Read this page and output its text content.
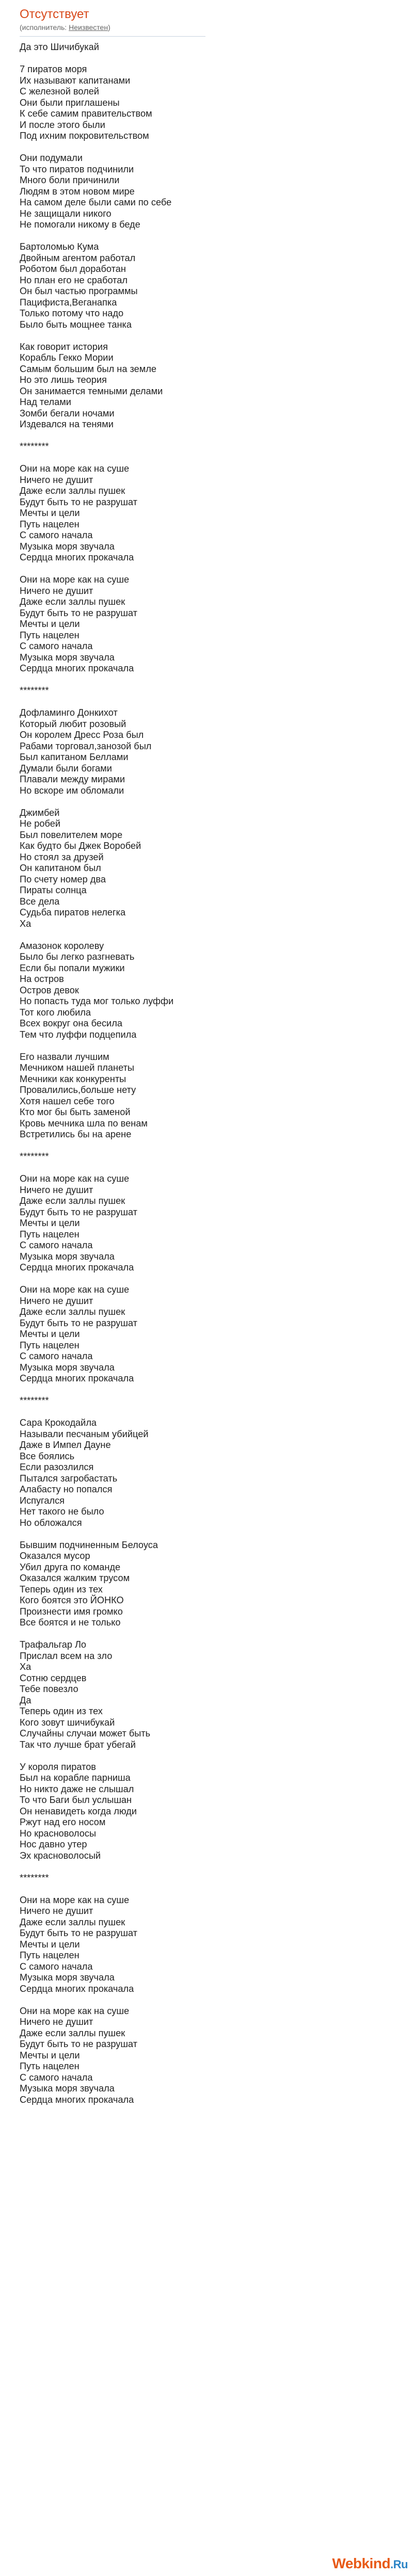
Отсутствует
(исполнитель: Неизвестен)
Да это Шичибукай

7 пиратов моря
Их называют капитанами
С железной волей
Они были приглашены
К себе самим правительством
И после этого были
Под ихним покровительством

Они подумали
То что пиратов подчинили
Много боли причинили
Людям в этом новом мире
На самом деле были сами по себе
Не защищали никого
Не помогали никому в беде

Бартоломью Кума
Двойным агентом работал
Роботом был доработан
Но план его не сработал
Он был частью программы
Пацифиста,Веганапка
Только потому что надо
Было быть мощнее танка

Как говорит история
Корабль Гекко Мории
Самым большим был на земле
Но это лишь теория
Он занимается темными делами
Над телами
Зомби бегали ночами
Издевался на тенями

********

Они на море как на суше
Ничего не душит
Даже если заллы пушек
Будут быть то не разрушат
Мечты и цели
Путь нацелен
С самого начала
Музыка моря звучала
Сердца многих прокачала

Они на море как на суше
Ничего не душит
Даже если заллы пушек
Будут быть то не разрушат
Мечты и цели
Путь нацелен
С самого начала
Музыка моря звучала
Сердца многих прокачала

********

Дофламинго Донкихот
Который любит розовый
Он королем Дресс Роза был
Рабами торговал,занозой был
Был капитаном Беллами
Думали были богами
Плавали между мирами
Но вскоре им обломали

Джимбей
Не робей
Был повелителем море
Как будто бы Джек Воробей
Но стоял за друзей
Он капитаном был
По счету номер два
Пираты солнца
Все дела
Судьба пиратов нелегка
Ха

Амазонок королеву
Было бы легко разгневать
Если бы попали мужики
На остров
Остров девок
Но попасть туда мог только луффи
Тот кого любила
Всех вокруг она бесила
Тем что луффи подцепила

Его назвали лучшим
Мечником нашей планеты
Мечники как конкуренты
Провалились,больше нету
Хотя нашел себе того
Кто мог бы быть заменой
Кровь мечника шла по венам
Встретились бы на арене

********

Они на море как на суше
Ничего не душит
Даже если заллы пушек
Будут быть то не разрушат
Мечты и цели
Путь нацелен
С самого начала
Музыка моря звучала
Сердца многих прокачала

Они на море как на суше
Ничего не душит
Даже если заллы пушек
Будут быть то не разрушат
Мечты и цели
Путь нацелен
С самого начала
Музыка моря звучала
Сердца многих прокачала

********

Сара Крокодайла
Называли песчаным убийцей
Даже в Импел Дауне
Все боялись
Если разозлился
Пытался загробастать
Алабасту но попался
Испугался
Нет такого не было
Но обложался

Бывшим подчиненным Белоуса
Оказался мусор
Убил друга по команде
Оказался жалким трусом
Теперь один из тех
Кого боятся это ЙОНКО
Произнести имя громко
Все боятся и не только

Трафальгар Ло
Прислал всем на зло
Ха
Сотню сердцев
Тебе повезло
Да
Теперь один из тех
Кого зовут шичибукай
Случайны случаи может быть
Так что лучше брат убегай

У короля пиратов
Был на корабле парниша
Но никто даже не слышал
То что Баги был услышан
Он ненавидеть когда люди
Ржут над его носом
Но красноволосы
Нос давно утер
Эх красноволосый

********

Они на море как на суше
Ничего не душит
Даже если заллы пушек
Будут быть то не разрушат
Мечты и цели
Путь нацелен
С самого начала
Музыка моря звучала
Сердца многих прокачала

Они на море как на суше
Ничего не душит
Даже если заллы пушек
Будут быть то не разрушат
Мечты и цели
Путь нацелен
С самого начала
Музыка моря звучала
Сердца многих прокачала
Webkind.Ru
